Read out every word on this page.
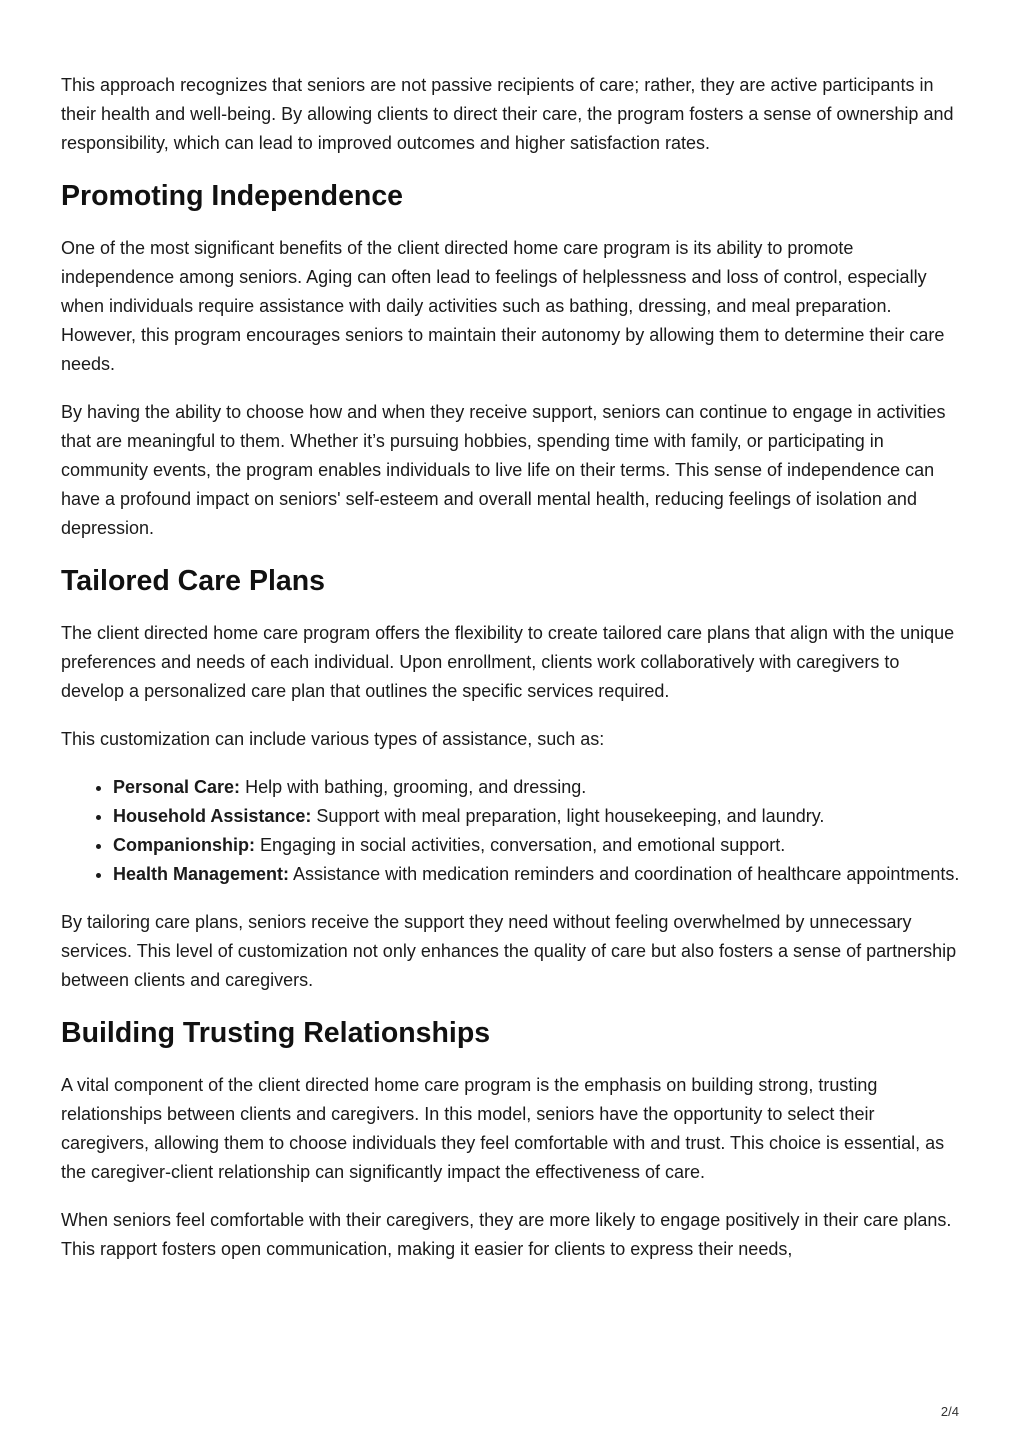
This approach recognizes that seniors are not passive recipients of care; rather, they are active participants in their health and well-being. By allowing clients to direct their care, the program fosters a sense of ownership and responsibility, which can lead to improved outcomes and higher satisfaction rates.

Promoting Independence

One of the most significant benefits of the client directed home care program is its ability to promote independence among seniors. Aging can often lead to feelings of helplessness and loss of control, especially when individuals require assistance with daily activities such as bathing, dressing, and meal preparation. However, this program encourages seniors to maintain their autonomy by allowing them to determine their care needs.

By having the ability to choose how and when they receive support, seniors can continue to engage in activities that are meaningful to them. Whether it’s pursuing hobbies, spending time with family, or participating in community events, the program enables individuals to live life on their terms. This sense of independence can have a profound impact on seniors' self-esteem and overall mental health, reducing feelings of isolation and depression.

Tailored Care Plans

The client directed home care program offers the flexibility to create tailored care plans that align with the unique preferences and needs of each individual. Upon enrollment, clients work collaboratively with caregivers to develop a personalized care plan that outlines the specific services required.

This customization can include various types of assistance, such as:

• Personal Care: Help with bathing, grooming, and dressing.
• Household Assistance: Support with meal preparation, light housekeeping, and laundry.
• Companionship: Engaging in social activities, conversation, and emotional support.
• Health Management: Assistance with medication reminders and coordination of healthcare appointments.

By tailoring care plans, seniors receive the support they need without feeling overwhelmed by unnecessary services. This level of customization not only enhances the quality of care but also fosters a sense of partnership between clients and caregivers.

Building Trusting Relationships

A vital component of the client directed home care program is the emphasis on building strong, trusting relationships between clients and caregivers. In this model, seniors have the opportunity to select their caregivers, allowing them to choose individuals they feel comfortable with and trust. This choice is essential, as the caregiver-client relationship can significantly impact the effectiveness of care.

When seniors feel comfortable with their caregivers, they are more likely to engage positively in their care plans. This rapport fosters open communication, making it easier for clients to express their needs,

2/4
